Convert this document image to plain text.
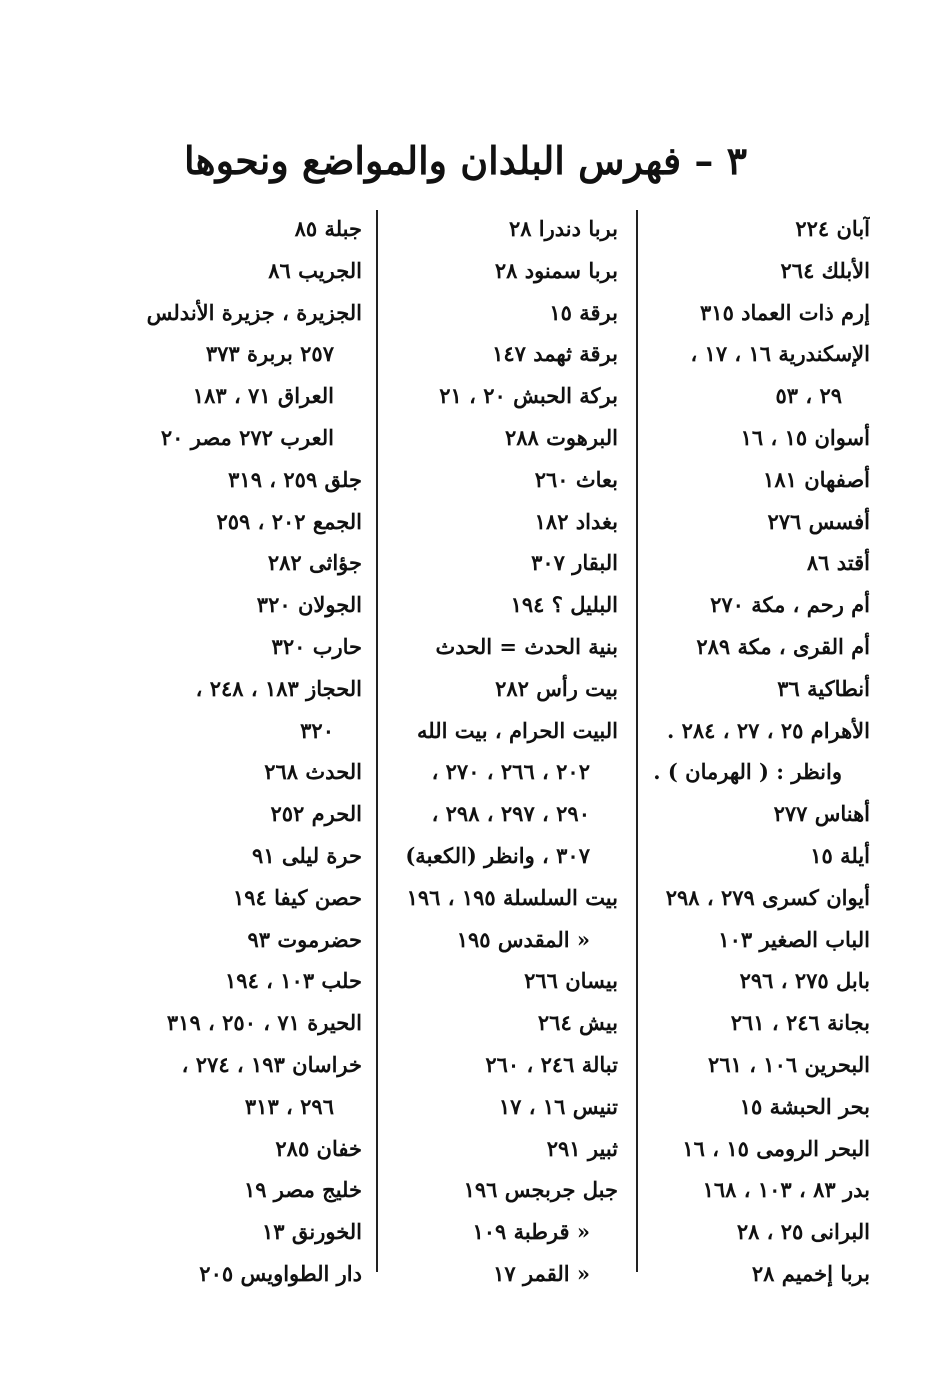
٣ – فهرس البلدان والمواضع ونحوها
آبان ٢٢٤
الأبلك ٢٦٤
إرم ذات العماد ٣١٥
الإسكندرية ١٦ ، ١٧ ،
٢٩ ، ٥٣
أسوان ١٥ ، ١٦
أصفهان ١٨١
أفسس ٢٧٦
أقتد ٨٦
أم رحم ، مكة ٢٧٠
أم القرى ، مكة ٢٨٩
أنطاكية ٣٦
الأهرام ٢٥ ، ٢٧ ، ٢٨٤ .
وانظر : ( الهرمان ) .
أهناس ٢٧٧
أيلة ١٥
أيوان كسرى ٢٧٩ ، ٢٩٨
الباب الصغير ١٠٣
بابل ٢٧٥ ، ٢٩٦
بجانة ٢٤٦ ، ٢٦١
البحرين ١٠٦ ، ٢٦١
بحر الحبشة ١٥
البحر الرومى ١٥ ، ١٦
بدر ٨٣ ، ١٠٣ ، ١٦٨
البرانى ٢٥ ، ٢٨
بربا إخميم ٢٨
بربا دندرا ٢٨
بربا سمنود ٢٨
برقة ١٥
برقة ثهمد ١٤٧
بركة الحبش ٢٠ ، ٢١
البرهوت ٢٨٨
بعاث ٢٦٠
بغداد ١٨٢
البقار ٣٠٧
البليل ؟ ١٩٤
بنية الحدث = الحدث
بيت رأس ٢٨٢
البيت الحرام ، بيت الله
٢٠٢ ، ٢٦٦ ، ٢٧٠ ،
٢٩٠ ، ٢٩٧ ، ٢٩٨ ،
٣٠٧ ، وانظر (الكعبة)
بيت السلسلة ١٩٥ ، ١٩٦
« المقدس ١٩٥
بيسان ٢٦٦
بيش ٢٦٤
تبالة ٢٤٦ ، ٢٦٠
تنيس ١٦ ، ١٧
ثبير ٢٩١
جبل جربجس ١٩٦
« قرطبة ١٠٩
« القمر ١٧
جبلة ٨٥
الجريب ٨٦
الجزيرة ، جزيرة الأندلس
٢٥٧ بربرة ٣٧٣
العراق ٧١ ، ١٨٣
العرب ٢٧٢ مصر ٢٠
جلق ٢٥٩ ، ٣١٩
الجمع ٢٠٢ ، ٢٥٩
جؤاثى ٢٨٢
الجولان ٣٢٠
حارب ٣٢٠
الحجاز ١٨٣ ، ٢٤٨ ،
٣٢٠
الحدث ٢٦٨
الحرم ٢٥٢
حرة ليلى ٩١
حصن كيفا ١٩٤
حضرموت ٩٣
حلب ١٠٣ ، ١٩٤
الحيرة ٧١ ، ٢٥٠ ، ٣١٩
خراسان ١٩٣ ، ٢٧٤ ،
٢٩٦ ، ٣١٣
خفان ٢٨٥
خليج مصر ١٩
الخورنق ١٣
دار الطواويس ٢٠٥
